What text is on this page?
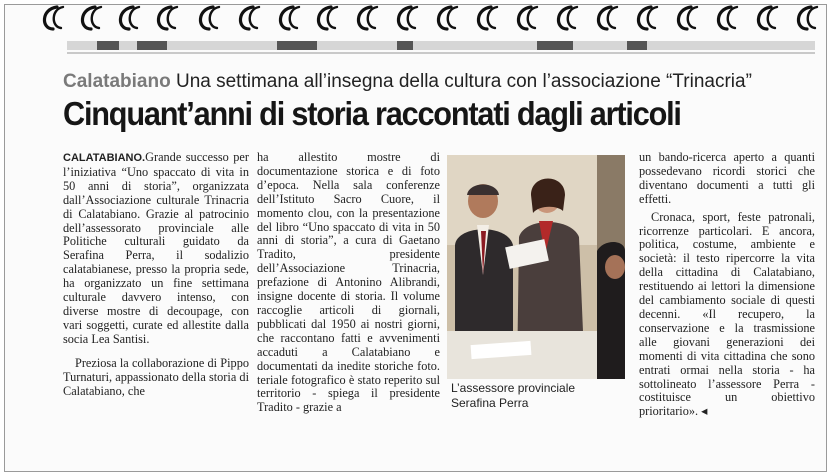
Calatabiano Una settimana all’insegna della cultura con l’associazione “Trinacria”
Cinquant’anni di storia raccontati dagli articoli

CALATABIANO.Grande successo per l’iniziativa “Uno spaccato di vita in 50 anni di storia”, organizzata dall’Associazione culturale Trinacria di Calatabiano. Grazie al patrocinio dell’assessorato provinciale alle Politiche culturali guidato da Serafina Perra, il sodalizio calatabianese, presso la propria sede, ha organizzato un fine settimana culturale davvero intenso, con diverse mostre di decoupage, con vari soggetti, curate ed allestite dalla socia Lea Santisi.

Preziosa la collaborazione di Pippo Turnaturi, appassionato della storia di Calatabiano, che

ha allestito mostre di documentazione storica e di foto d’epoca. Nella sala conferenze dell’Istituto Sacro Cuore, il momento clou, con la presentazione del libro “Uno spaccato di vita in 50 anni di storia”, a cura di Gaetano Tradito, presidente dell’Associazione Trinacria, prefazione di Antonino Alibrandi, insigne docente di storia. Il volume raccoglie articoli di giornali, pubblicati dal 1950 ai nostri giorni, che raccontano fatti e avvenimenti accaduti a Calatabiano e documentati da inedite storiche foto. teriale fotografico è stato reperito sul territorio - spiega il presidente Tradito - grazie a

L’assessore provinciale
Serafina Perra

un bando-ricerca aperto a quanti possedevano ricordi storici che diventano documenti a tutti gli effetti.

Cronaca, sport, feste patronali, ricorrenze particolari. E ancora, politica, costume, ambiente e società: il testo ripercorre la vita della cittadina di Calatabiano, restituendo ai lettori la dimensione del cambiamento sociale di questi decenni. «Il recupero, la conservazione e la trasmissione alle giovani generazioni dei momenti di vita cittadina che sono entrati ormai nella storia - ha sottolineato l’assessore Perra - costituisce un obiettivo prioritario». ◂
